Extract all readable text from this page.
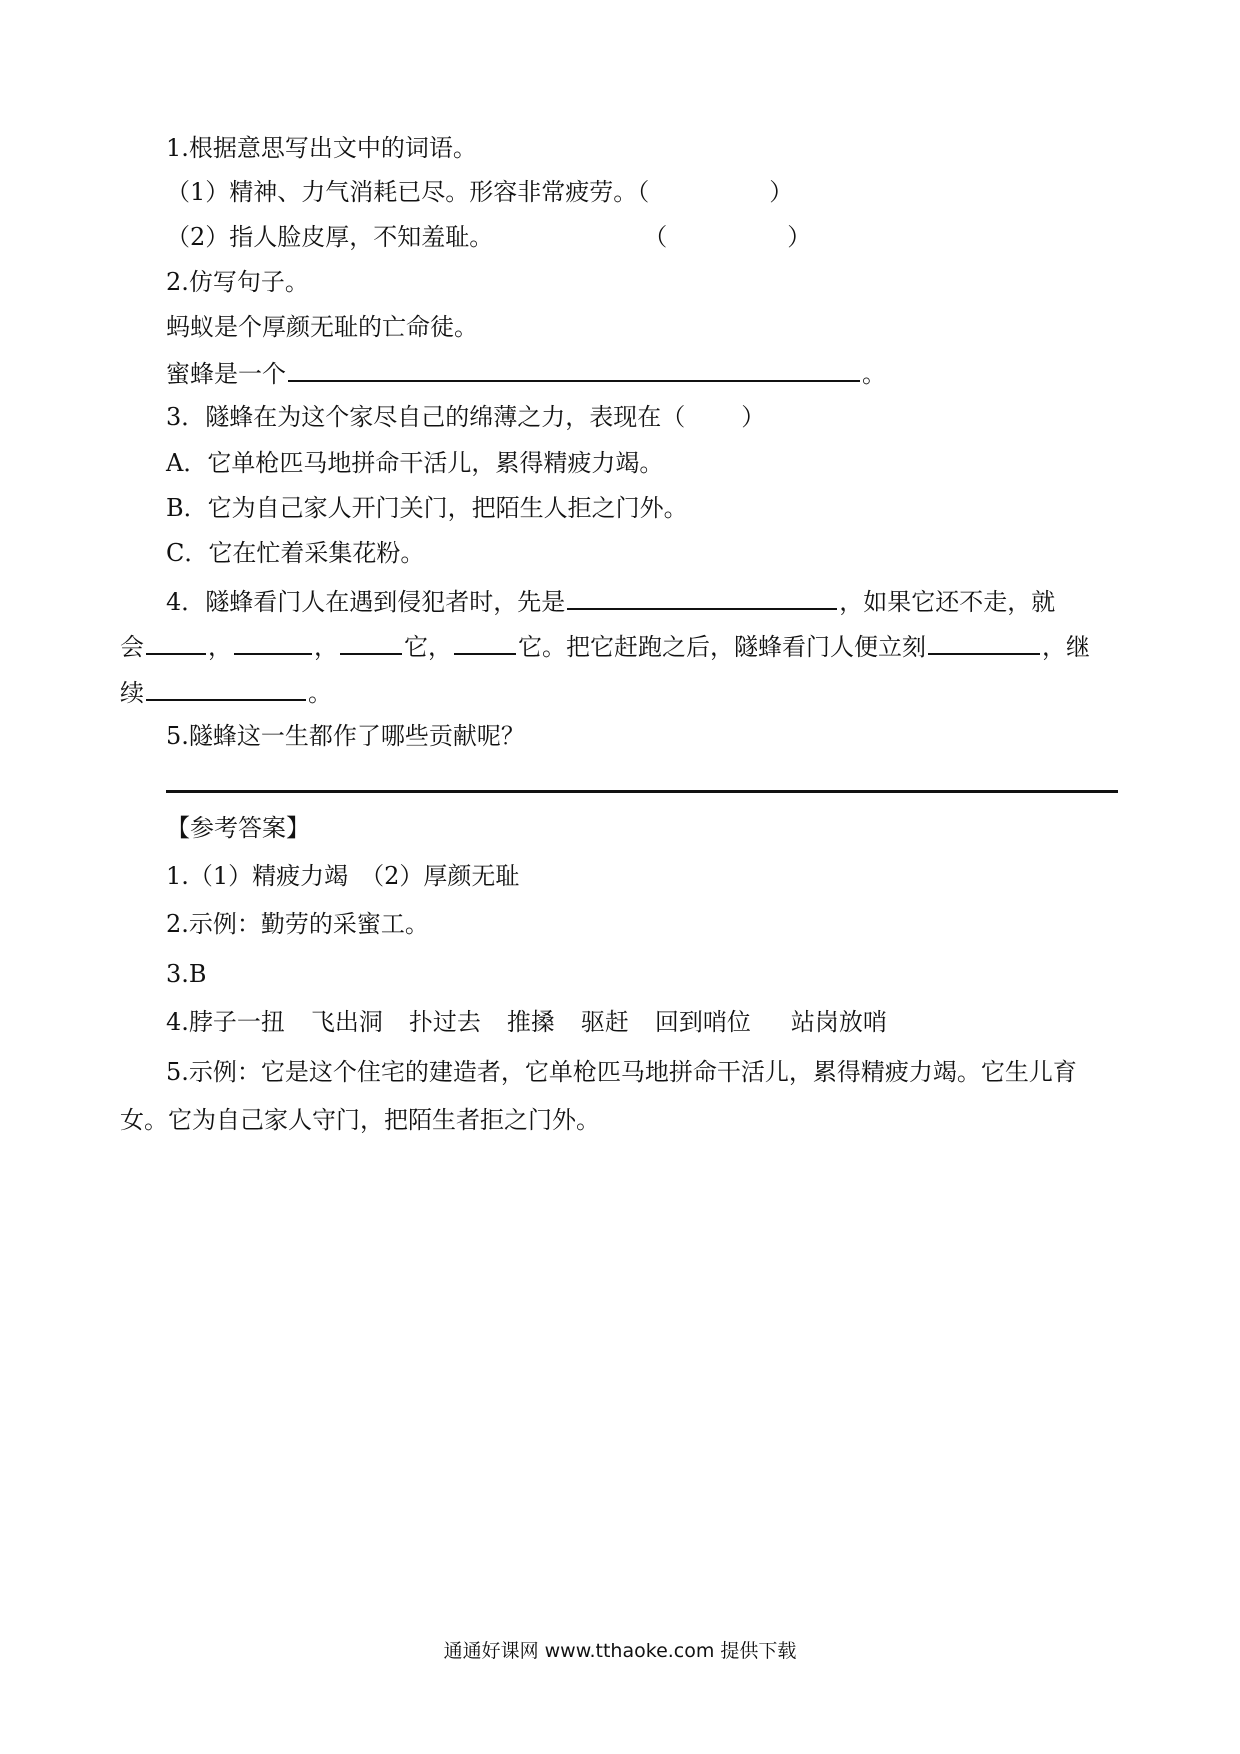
1.根据意思写出文中的词语。
（1）精神、力气消耗已尽。形容非常疲劳。（	）
（2）指人脸皮厚，不知羞耻。	（	）
2.仿写句子。
蚂蚁是个厚颜无耻的亡命徒。
蜜蜂是一个	。
3．隧蜂在为这个家尽自己的绵薄之力，表现在（ ）
A．它单枪匹马地拼命干活儿，累得精疲力竭。
B．它为自己家人开门关门，把陌生人拒之门外。
C．它在忙着采集花粉。
4．隧蜂看门人在遇到侵犯者时，先是	，如果它还不走，就
会	，	，	它，	它。把它赶跑之后，隧蜂看门人便立刻	，继
续	。
5.隧蜂这一生都作了哪些贡献呢？
【参考答案】
1.（1）精疲力竭　（2）厚颜无耻
2.示例：勤劳的采蜜工。
3.B
4.脖子一扭 飞出洞 扑过去 推搡 驱赶 回到哨位 站岗放哨
5.示例：它是这个住宅的建造者，它单枪匹马地拼命干活儿，累得精疲力竭。它生儿育
女。它为自己家人守门，把陌生者拒之门外。
通通好课网 www.tthaoke.com 提供下载
